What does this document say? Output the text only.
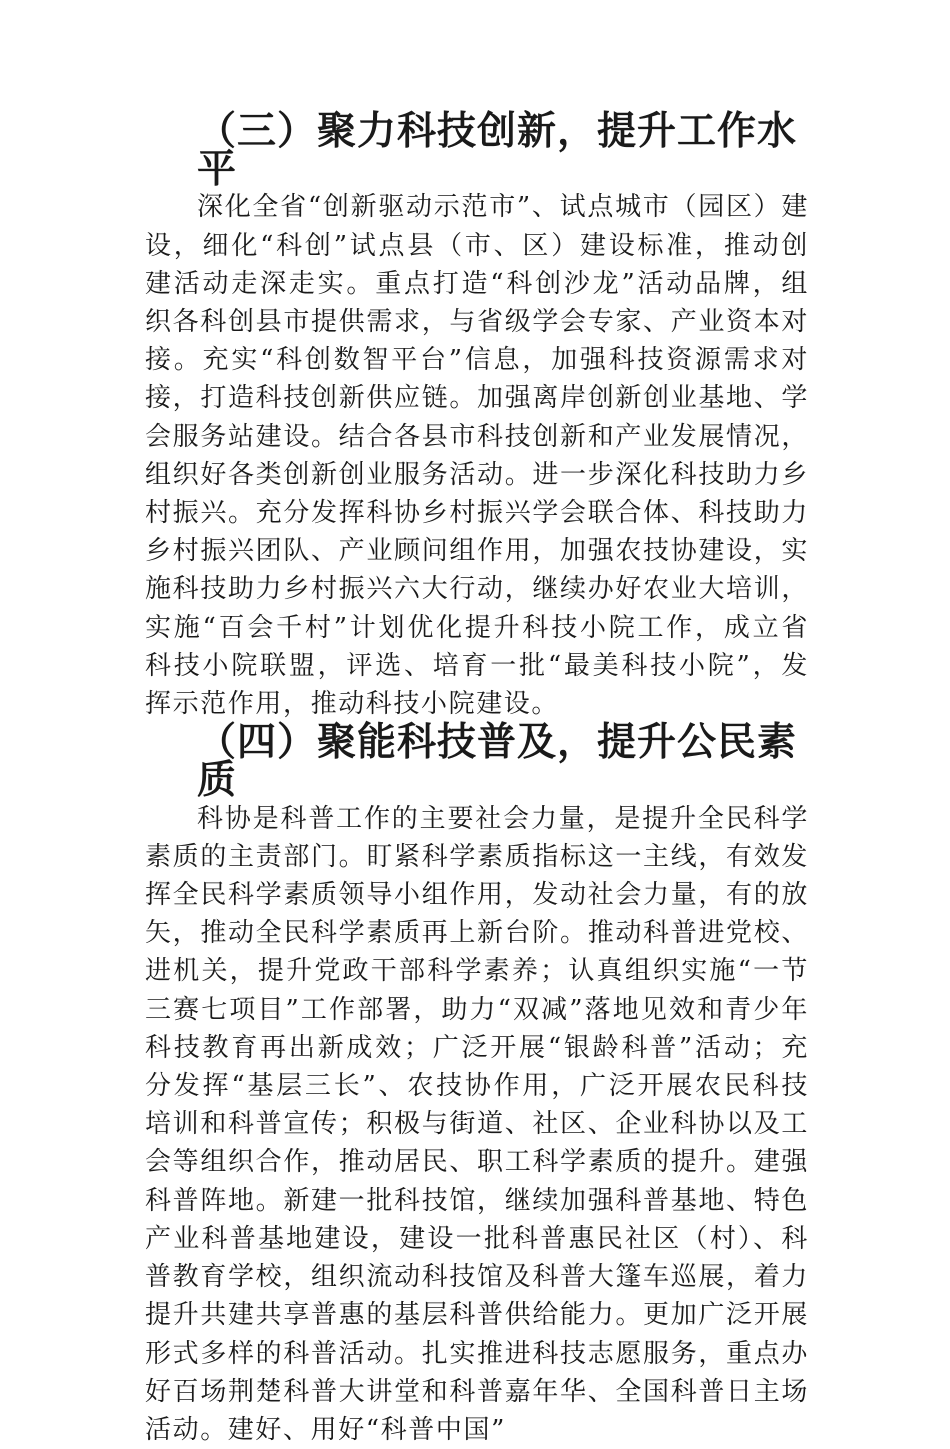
（三）聚力科技创新，提升工作水平

深化全省“创新驱动示范市”、试点城市（园区）建设，细化“科创”试点县（市、区）建设标准，推动创建活动走深走实。重点打造“科创沙龙”活动品牌，组织各科创县市提供需求，与省级学会专家、产业资本对接。充实“科创数智平台”信息，加强科技资源需求对接，打造科技创新供应链。加强离岸创新创业基地、学会服务站建设。结合各县市科技创新和产业发展情况，组织好各类创新创业服务活动。进一步深化科技助力乡村振兴。充分发挥科协乡村振兴学会联合体、科技助力乡村振兴团队、产业顾问组作用，加强农技协建设，实施科技助力乡村振兴六大行动，继续办好农业大培训，实施“百会千村”计划优化提升科技小院工作，成立省科技小院联盟，评选、培育一批“最美科技小院”，发挥示范作用，推动科技小院建设。

（四）聚能科技普及，提升公民素质

科协是科普工作的主要社会力量，是提升全民科学素质的主责部门。盯紧科学素质指标这一主线，有效发挥全民科学素质领导小组作用，发动社会力量，有的放矢，推动全民科学素质再上新台阶。推动科普进党校、进机关，提升党政干部科学素养；认真组织实施“一节三赛七项目”工作部署，助力“双减”落地见效和青少年科技教育再出新成效；广泛开展“银龄科普”活动；充分发挥“基层三长”、农技协作用，广泛开展农民科技培训和科普宣传；积极与街道、社区、企业科协以及工会等组织合作，推动居民、职工科学素质的提升。建强科普阵地。新建一批科技馆，继续加强科普基地、特色产业科普基地建设，建设一批科普惠民社区（村）、科普教育学校，组织流动科技馆及科普大篷车巡展，着力提升共建共享普惠的基层科普供给能力。更加广泛开展形式多样的科普活动。扎实推进科技志愿服务，重点办好百场荆楚科普大讲堂和科普嘉年华、全国科普日主场活动。建好、用好“科普中国”
